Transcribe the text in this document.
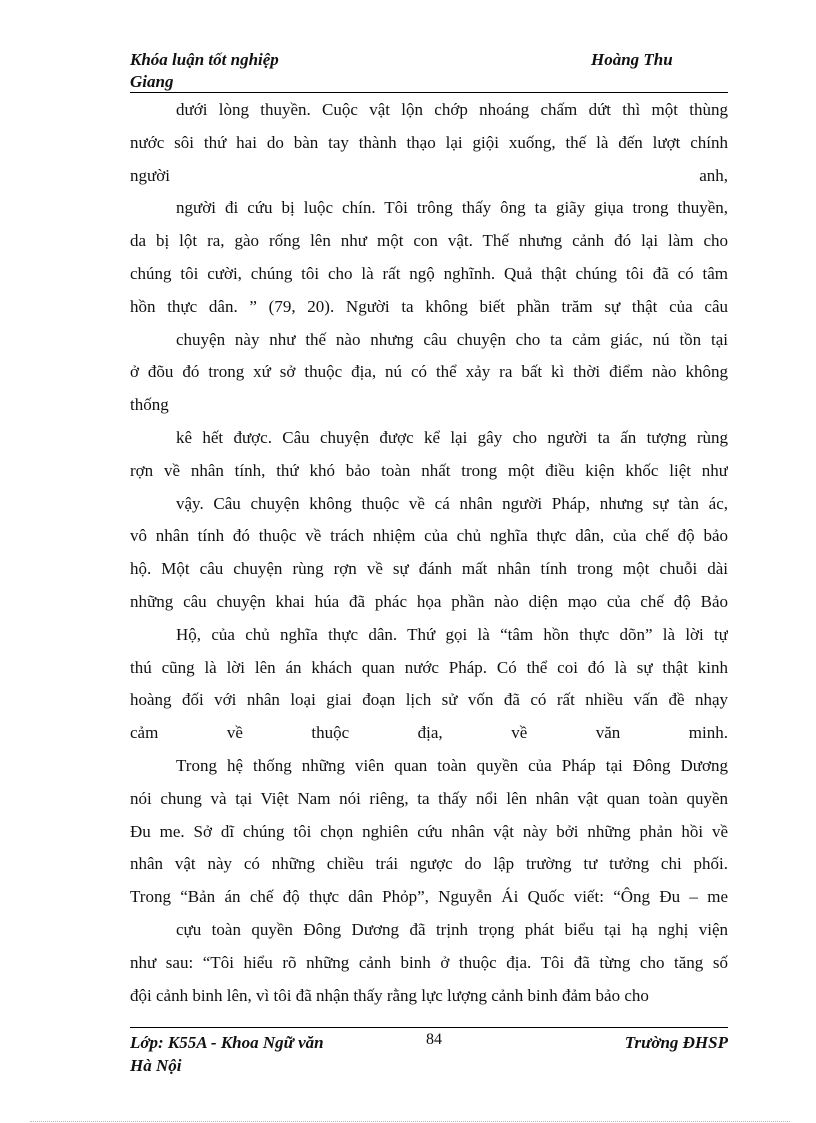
Khóa luận tốt nghiệp	Hoàng Thu
Giang
dưới lòng thuyền. Cuộc vật lộn chớp nhoáng chấm dứt thì một thùng
nước sôi thứ hai do bàn tay thành thạo lại giội xuống, thế là đến lượt chính
người anh,
người đi cứu bị luộc chín. Tôi trông thấy ông ta giãy giụa trong thuyền,
da bị lột ra, gào rống lên như một con vật. Thế nhưng cảnh đó lại làm cho
chúng tôi cười, chúng tôi cho là rất ngộ nghĩnh. Quả thật chúng tôi đã có tâm
hồn thực dân. ” (79, 20). Người ta không biết phần trăm sự thật của câu
chuyện này như thế nào nhưng câu chuyện cho ta cảm giác, nú tồn tại
ở đõu đó trong xứ sở thuộc địa, nú có thể xảy ra bất kì thời điểm nào không
thống
kê hết được. Câu chuyện được kể lại gây cho người ta ấn tượng rùng
rợn về nhân tính, thứ khó bảo toàn nhất trong một điều kiện khốc liệt như
vậy. Câu chuyện không thuộc về cá nhân người Pháp, nhưng sự tàn ác,
vô nhân tính đó thuộc về trách nhiệm của chủ nghĩa thực dân, của chế độ bảo
hộ. Một câu chuyện rùng rợn về sự đánh mất nhân tính trong một chuỗi dài
những câu chuyện khai húa đã phác họa phần nào diện mạo của chế độ Bảo
Hộ, của chủ nghĩa thực dân. Thứ gọi là “tâm hồn thực dõn” là lời tự
thú cũng là lời lên án khách quan nước Pháp. Có thể coi đó là sự thật kinh
hoàng đối với nhân loại giai đoạn lịch sử vốn đã có rất nhiều vấn đề nhạy
cảm về thuộc địa, về văn minh.
Trong hệ thống những viên quan toàn quyền của Pháp tại Đông Dương
nói chung và tại Việt Nam nói riêng, ta thấy nổi lên nhân vật quan toàn quyền
Đu me. Sở dĩ chúng tôi chọn nghiên cứu nhân vật này bởi những phản hồi về
nhân vật này có những chiều trái ngược do lập trường tư tưởng chi phối.
Trong “Bản án chế độ thực dân Phỏp”, Nguyễn Ái Quốc viết: “Ông Đu – me
cựu toàn quyền Đông Dương đã trịnh trọng phát biểu tại hạ nghị viện
như sau: “Tôi hiểu rõ những cảnh binh ở thuộc địa. Tôi đã từng cho tăng số
đội cảnh binh lên, vì tôi đã nhận thấy rằng lực lượng cảnh binh đảm bảo cho
Lớp: K55A - Khoa Ngữ văn	84	Trường ĐHSP
Hà Nội
